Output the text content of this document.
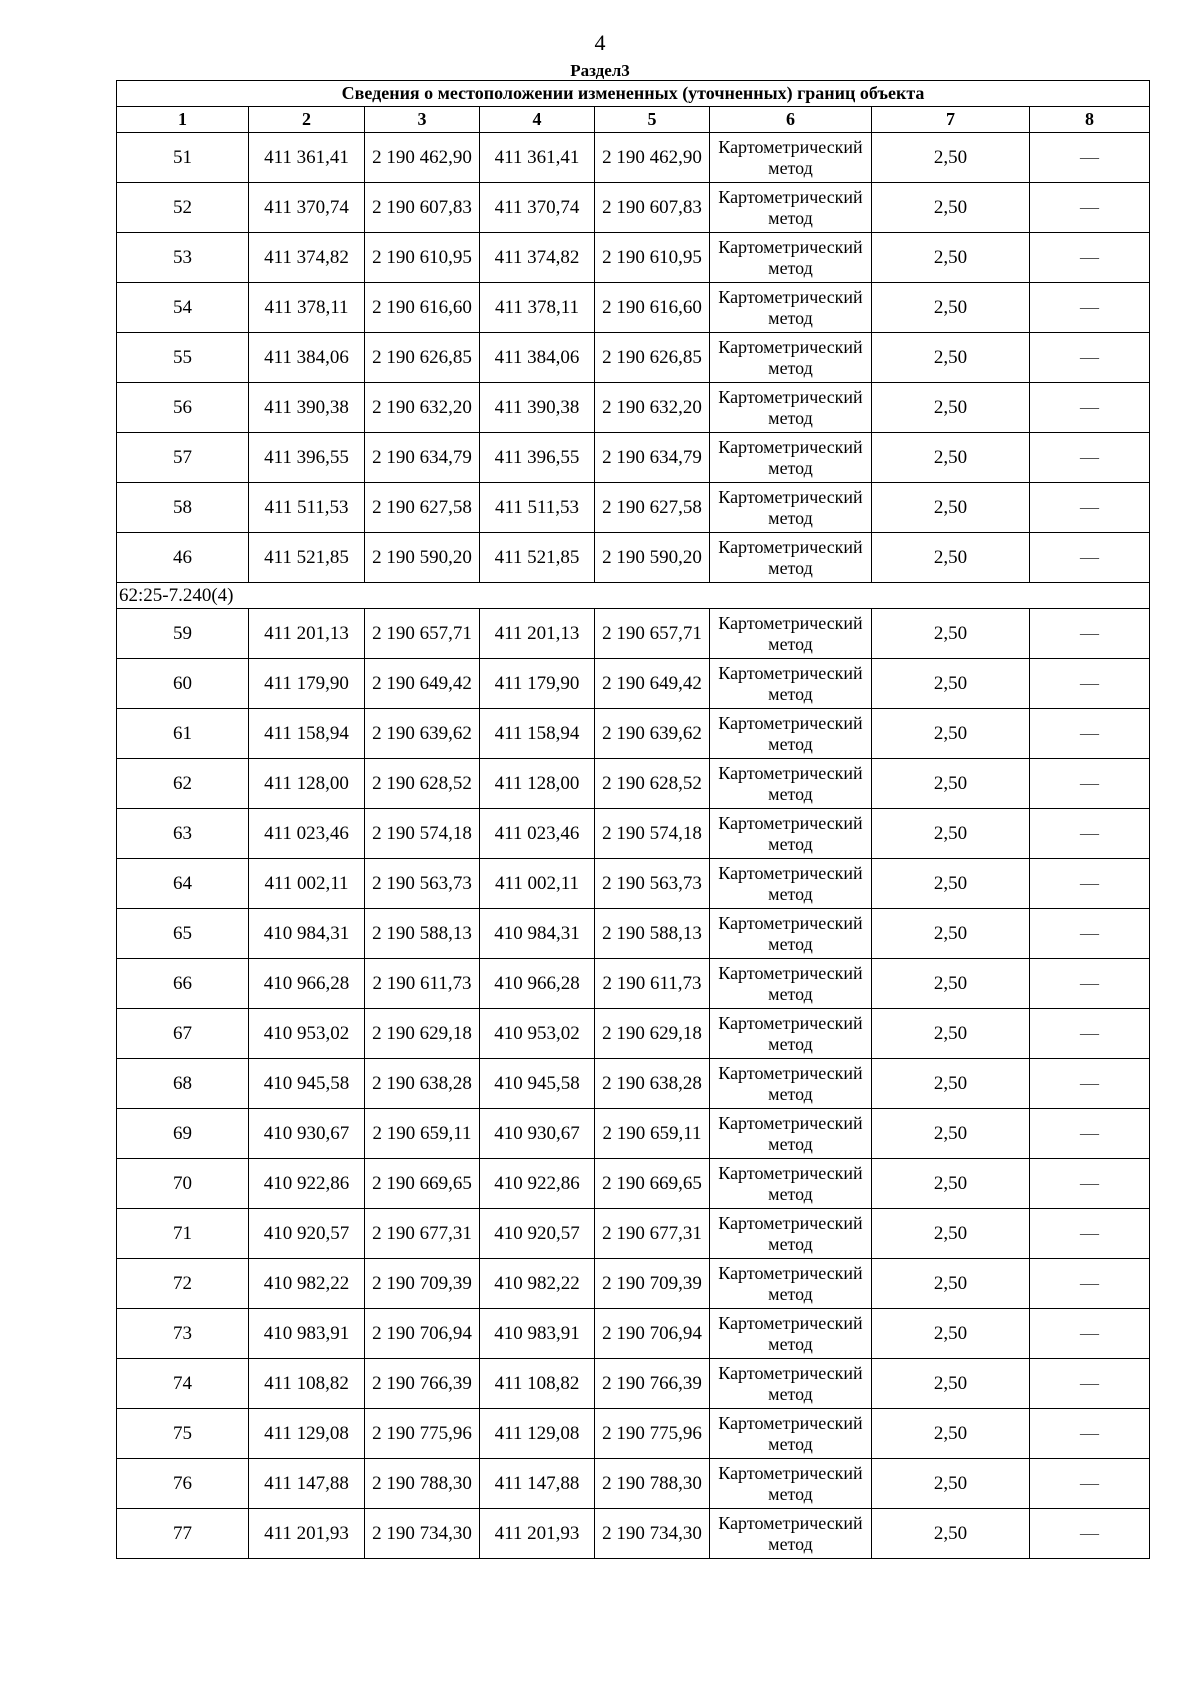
4
Раздел3
Сведения о местоположении измененных (уточненных) границ объекта							
1	2	3	4	5	6	7	8
51	411 361,41	2 190 462,90	411 361,41	2 190 462,90	Картометрический метод	2,50	—
52	411 370,74	2 190 607,83	411 370,74	2 190 607,83	Картометрический метод	2,50	—
53	411 374,82	2 190 610,95	411 374,82	2 190 610,95	Картометрический метод	2,50	—
54	411 378,11	2 190 616,60	411 378,11	2 190 616,60	Картометрический метод	2,50	—
55	411 384,06	2 190 626,85	411 384,06	2 190 626,85	Картометрический метод	2,50	—
56	411 390,38	2 190 632,20	411 390,38	2 190 632,20	Картометрический метод	2,50	—
57	411 396,55	2 190 634,79	411 396,55	2 190 634,79	Картометрический метод	2,50	—
58	411 511,53	2 190 627,58	411 511,53	2 190 627,58	Картометрический метод	2,50	—
46	411 521,85	2 190 590,20	411 521,85	2 190 590,20	Картометрический метод	2,50	—
62:25-7.240(4)							
59	411 201,13	2 190 657,71	411 201,13	2 190 657,71	Картометрический метод	2,50	—
60	411 179,90	2 190 649,42	411 179,90	2 190 649,42	Картометрический метод	2,50	—
61	411 158,94	2 190 639,62	411 158,94	2 190 639,62	Картометрический метод	2,50	—
62	411 128,00	2 190 628,52	411 128,00	2 190 628,52	Картометрический метод	2,50	—
63	411 023,46	2 190 574,18	411 023,46	2 190 574,18	Картометрический метод	2,50	—
64	411 002,11	2 190 563,73	411 002,11	2 190 563,73	Картометрический метод	2,50	—
65	410 984,31	2 190 588,13	410 984,31	2 190 588,13	Картометрический метод	2,50	—
66	410 966,28	2 190 611,73	410 966,28	2 190 611,73	Картометрический метод	2,50	—
67	410 953,02	2 190 629,18	410 953,02	2 190 629,18	Картометрический метод	2,50	—
68	410 945,58	2 190 638,28	410 945,58	2 190 638,28	Картометрический метод	2,50	—
69	410 930,67	2 190 659,11	410 930,67	2 190 659,11	Картометрический метод	2,50	—
70	410 922,86	2 190 669,65	410 922,86	2 190 669,65	Картометрический метод	2,50	—
71	410 920,57	2 190 677,31	410 920,57	2 190 677,31	Картометрический метод	2,50	—
72	410 982,22	2 190 709,39	410 982,22	2 190 709,39	Картометрический метод	2,50	—
73	410 983,91	2 190 706,94	410 983,91	2 190 706,94	Картометрический метод	2,50	—
74	411 108,82	2 190 766,39	411 108,82	2 190 766,39	Картометрический метод	2,50	—
75	411 129,08	2 190 775,96	411 129,08	2 190 775,96	Картометрический метод	2,50	—
76	411 147,88	2 190 788,30	411 147,88	2 190 788,30	Картометрический метод	2,50	—
77	411 201,93	2 190 734,30	411 201,93	2 190 734,30	Картометрический метод	2,50	—
